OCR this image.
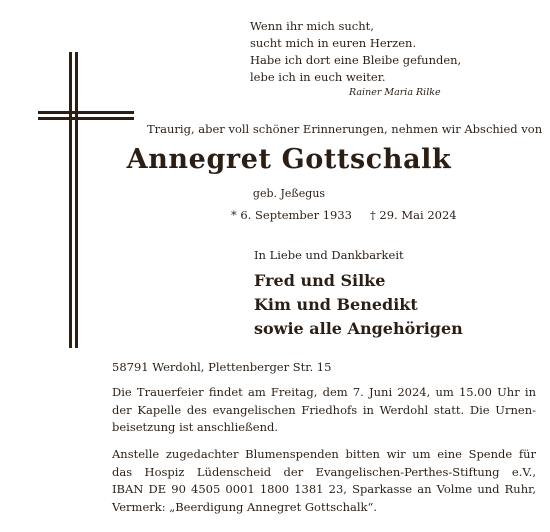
Wenn ihr mich sucht,
sucht mich in euren Herzen.
Habe ich dort eine Bleibe gefunden,
lebe ich in euch weiter.
Rainer Maria Rilke
Traurig, aber voll schöner Erinnerungen, nehmen wir Abschied von
Annegret Gottschalk
geb. Jeßegus
* 6. September 1933 † 29. Mai 2024
In Liebe und Dankbarkeit
Fred und Silke
Kim und Benedikt
sowie alle Angehörigen
58791 Werdohl, Plettenberger Str. 15
Die Trauerfeier findet am Freitag, dem 7. Juni 2024, um 15.00 Uhr in
der Kapelle des evangelischen Friedhofs in Werdohl statt. Die Urnen-
beisetzung ist anschließend.
Anstelle zugedachter Blumenspenden bitten wir um eine Spende für
das Hospiz Lüdenscheid der Evangelischen-Perthes-Stiftung e.V.,
IBAN DE 90 4505 0001 1800 1381 23, Sparkasse an Volme und Ruhr,
Vermerk: „Beerdigung Annegret Gottschalk“.
